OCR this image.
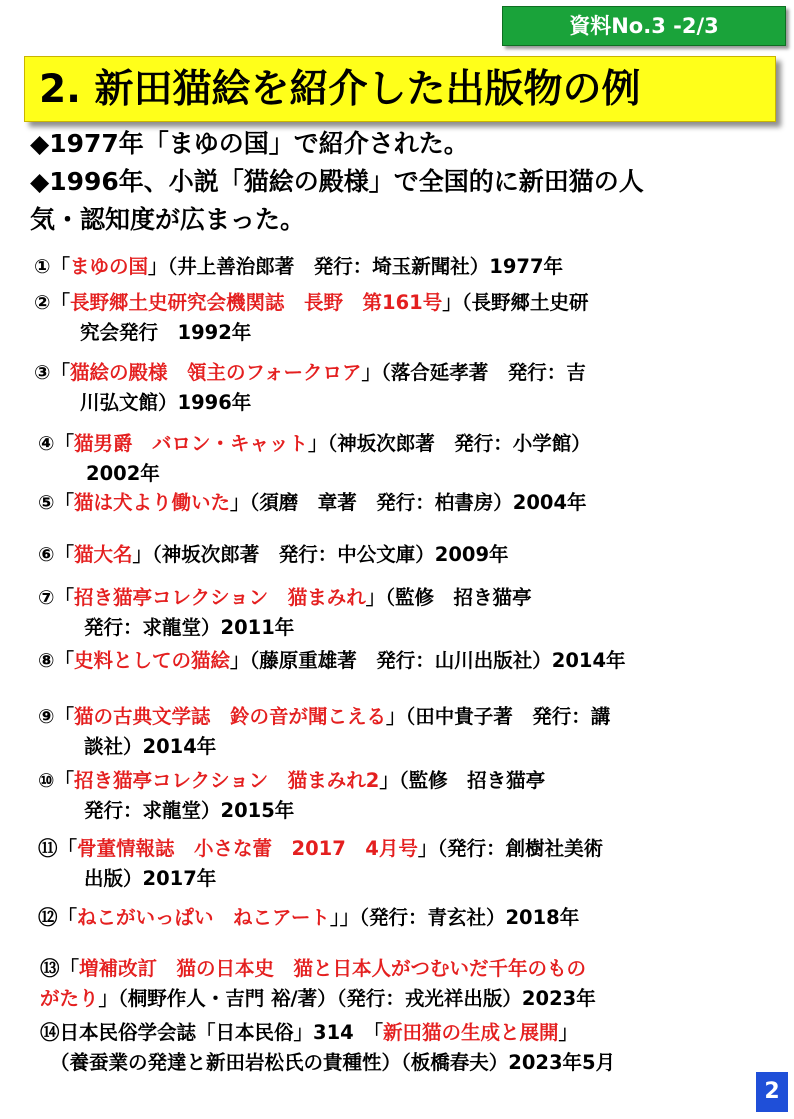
資料No.3 -2/3
2. 新田猫絵を紹介した出版物の例

◆1977年「まゆの国」で紹介された。

◆1996年、小説「猫絵の殿様」で全国的に新田猫の人

気・認知度が広まった。

①「まゆの国」（井上善治郎著　発行：埼玉新聞社）1977年

②「長野郷土史研究会機関誌　長野　第161号」（長野郷土史研
究会発行　1992年

③「猫絵の殿様　領主のフォークロア」（落合延孝著　発行：吉
川弘文館）1996年

④「猫男爵　バロン・キャット」（神坂次郎著　発行：小学館）
2002年

⑤「猫は犬より働いた」（須磨　章著　発行：柏書房）2004年

⑥「猫大名」（神坂次郎著　発行：中公文庫）2009年

⑦「招き猫亭コレクション　猫まみれ」（監修　招き猫亭
発行：求龍堂）2011年

⑧「史料としての猫絵」（藤原重雄著　発行：山川出版社）2014年

⑨「猫の古典文学誌　鈴の音が聞こえる」（田中貴子著　発行：講
談社）2014年

⑩「招き猫亭コレクション　猫まみれ2」（監修　招き猫亭
発行：求龍堂）2015年

⑪「骨董情報誌　小さな蕾　2017　4月号」（発行：創樹社美術
出版）2017年

⑫「ねこがいっぱい　ねこアート」」（発行：青玄社）2018年

⑬「増補改訂　猫の日本史　猫と日本人がつむいだ千年のもの
がたり」（桐野作人・吉門 裕/著）（発行：戎光祥出版）2023年

⑭日本民俗学会誌「日本民俗」314　「新田猫の生成と展開」
（養蚕業の発達と新田岩松氏の貴種性）（板橋春夫）2023年5月

2
